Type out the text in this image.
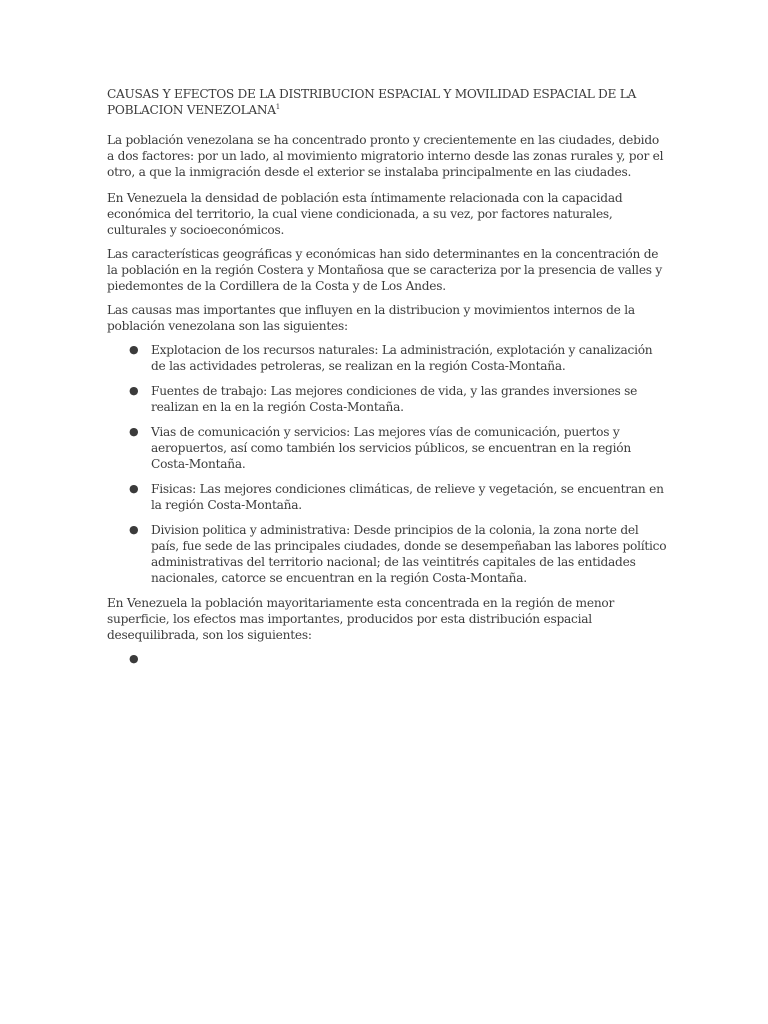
CAUSAS Y EFECTOS DE LA DISTRIBUCION ESPACIAL Y MOVILIDAD ESPACIAL DE LA POBLACION VENEZOLANA$^1$

La población venezolana se ha concentrado pronto y crecientemente en las ciudades, debido a dos factores: por un lado, al movimiento migratorio interno desde las zonas rurales y, por el otro, a que la inmigración desde el exterior se instalaba principalmente en las ciudades.

En Venezuela la densidad de población esta íntimamente relacionada con la capacidad económica del territorio, la cual viene condicionada, a su vez, por factores naturales, culturales y socioeconómicos.

Las características geográficas y económicas han sido determinantes en la concentración de la población en la región Costera y Montañosa que se caracteriza por la presencia de valles y piedemontes de la Cordillera de la Costa y de Los Andes.

Las causas mas importantes que influyen en la distribucion y movimientos internos de la población venezolana son las siguientes:

● Explotacion de los recursos naturales: La administración, explotación y canalización de las actividades petroleras, se realizan en la región Costa-Montaña.
● Fuentes de trabajo: Las mejores condiciones de vida, y las grandes inversiones se realizan en la en la región Costa-Montaña.
● Vias de comunicación y servicios: Las mejores vías de comunicación, puertos y aeropuertos, así como también los servicios públicos, se encuentran en la región Costa-Montaña.
● Fisicas: Las mejores condiciones climáticas, de relieve y vegetación, se encuentran en la región Costa-Montaña.
● Division politica y administrativa: Desde principios de la colonia, la zona norte del país, fue sede de las principales ciudades, donde se desempeñaban las labores político administrativas del territorio nacional; de las veintitrés capitales de las entidades nacionales, catorce se encuentran en la región Costa-Montaña.

En Venezuela la población mayoritariamente esta concentrada en la región de menor superficie, los efectos mas importantes, producidos por esta distribución espacial desequilibrada, son los siguientes:

●
